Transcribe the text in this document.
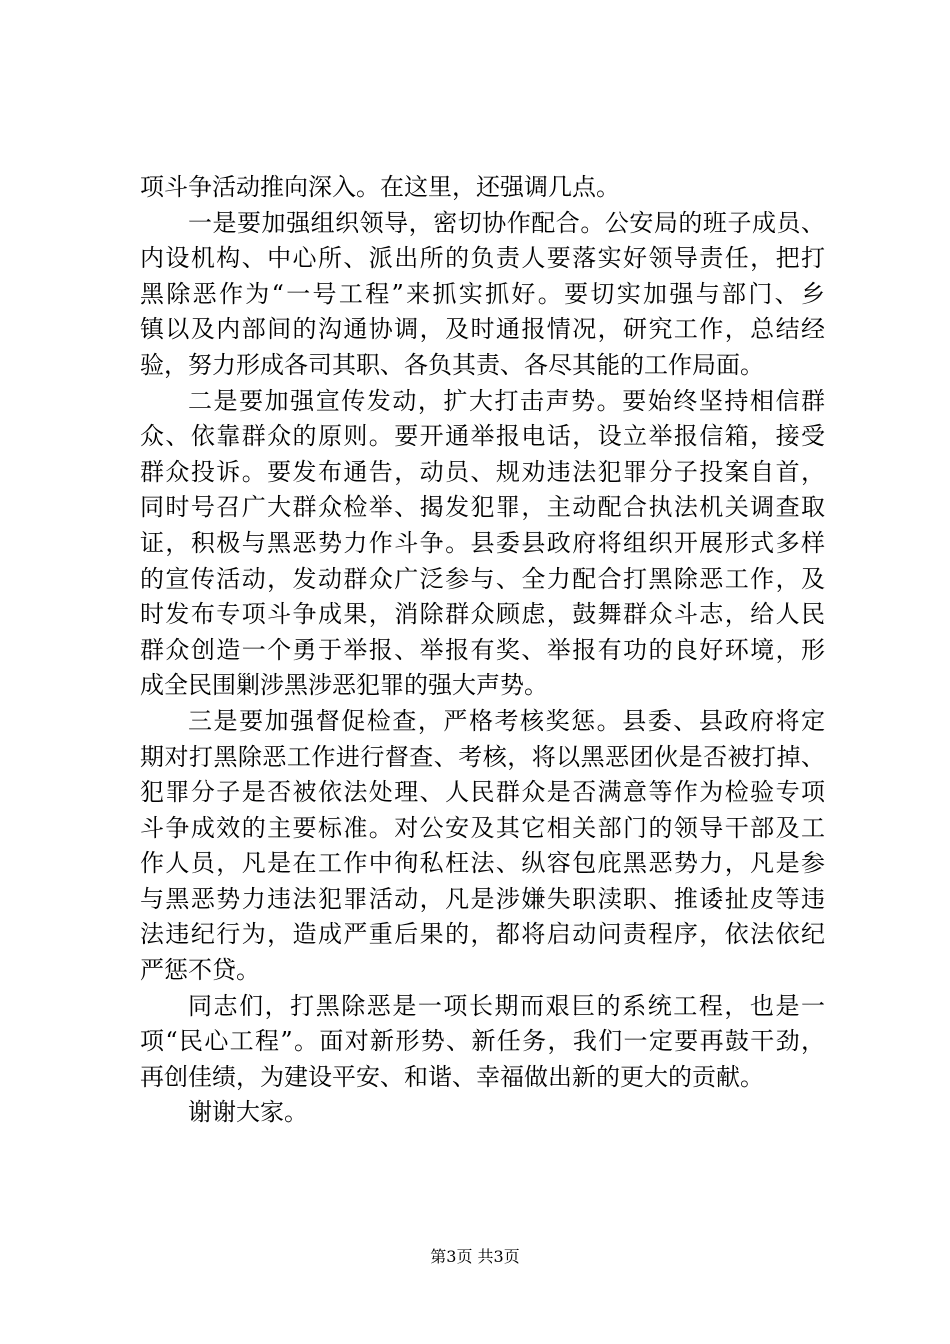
项斗争活动推向深入。在这里，还强调几点。
一是要加强组织领导，密切协作配合。公安局的班子成员、
内设机构、中心所、派出所的负责人要落实好领导责任，把打
黑除恶作为“一号工程”来抓实抓好。要切实加强与部门、乡
镇以及内部间的沟通协调，及时通报情况，研究工作，总结经
验，努力形成各司其职、各负其责、各尽其能的工作局面。
二是要加强宣传发动，扩大打击声势。要始终坚持相信群
众、依靠群众的原则。要开通举报电话，设立举报信箱，接受
群众投诉。要发布通告，动员、规劝违法犯罪分子投案自首，
同时号召广大群众检举、揭发犯罪，主动配合执法机关调查取
证，积极与黑恶势力作斗争。县委县政府将组织开展形式多样
的宣传活动，发动群众广泛参与、全力配合打黑除恶工作，及
时发布专项斗争成果，消除群众顾虑，鼓舞群众斗志，给人民
群众创造一个勇于举报、举报有奖、举报有功的良好环境，形
成全民围剿涉黑涉恶犯罪的强大声势。
三是要加强督促检查，严格考核奖惩。县委、县政府将定
期对打黑除恶工作进行督查、考核，将以黑恶团伙是否被打掉、
犯罪分子是否被依法处理、人民群众是否满意等作为检验专项
斗争成效的主要标准。对公安及其它相关部门的领导干部及工
作人员，凡是在工作中徇私枉法、纵容包庇黑恶势力，凡是参
与黑恶势力违法犯罪活动，凡是涉嫌失职渎职、推诿扯皮等违
法违纪行为，造成严重后果的，都将启动问责程序，依法依纪
严惩不贷。
同志们，打黑除恶是一项长期而艰巨的系统工程，也是一
项“民心工程”。面对新形势、新任务，我们一定要再鼓干劲，
再创佳绩，为建设平安、和谐、幸福做出新的更大的贡献。
谢谢大家。
第3页 共3页
